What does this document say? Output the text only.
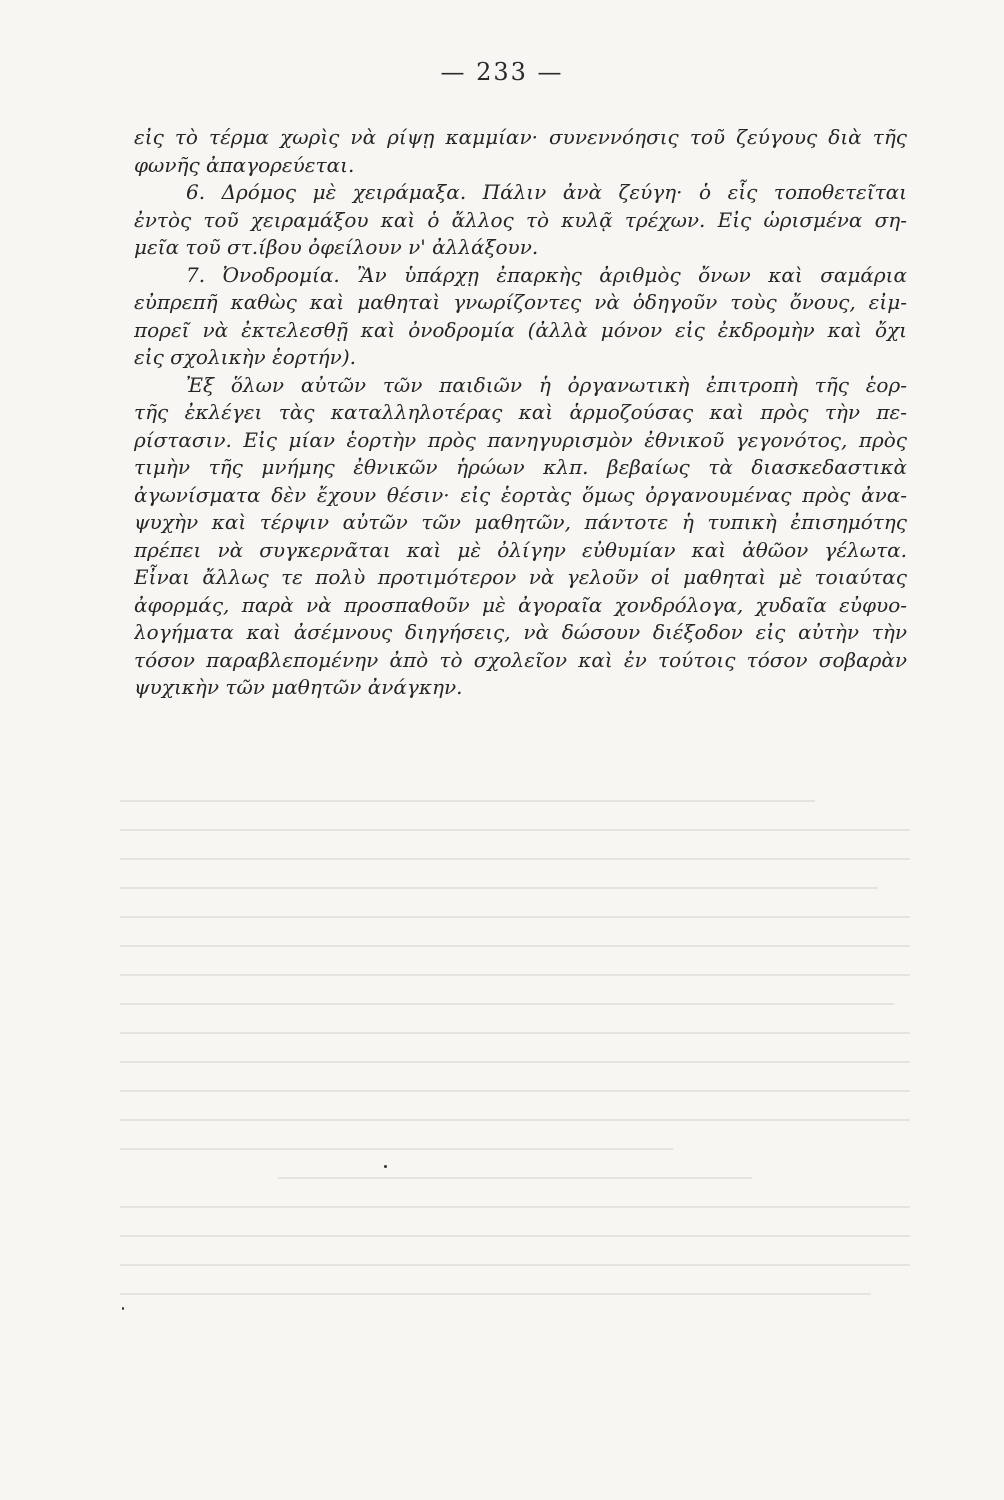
— 233 —
εἰς τὸ τέρμα χωρὶς νὰ ρίψῃ καμμίαν· συνεννόησις τοῦ ζεύγους διὰ τῆς
φωνῆς ἀπαγορεύεται.
6. Δρόμος μὲ χειράμαξα. Πάλιν ἀνὰ ζεύγη· ὁ εἷς τοποθετεῖται
ἐντὸς τοῦ χειραμάξου καὶ ὁ ἄλλος τὸ κυλᾷ τρέχων. Εἰς ὡρισμένα ση-
μεῖα τοῦ στ.ίβου ὀφείλουν ν' ἀλλάξουν.
7. Ὀνοδρομία. Ἂν ὑπάρχῃ ἐπαρκὴς ἀριθμὸς ὄνων καὶ σαμάρια
εὐπρεπῆ καθὼς καὶ μαθηταὶ γνωρίζοντες νὰ ὁδηγοῦν τοὺς ὄνους, εἰμ-
πορεῖ νὰ ἐκτελεσθῇ καὶ ὀνοδρομία (ἀλλὰ μόνον εἰς ἐκδρομὴν καὶ ὄχι
εἰς σχολικὴν ἑορτήν).
Ἐξ ὅλων αὐτῶν τῶν παιδιῶν ἡ ὀργανωτικὴ ἐπιτροπὴ τῆς ἑορ-
τῆς ἐκλέγει τὰς καταλληλοτέρας καὶ ἁρμοζούσας καὶ πρὸς τὴν πε-
ρίστασιν. Εἰς μίαν ἑορτὴν πρὸς πανηγυρισμὸν ἐθνικοῦ γεγονότος, πρὸς
τιμὴν τῆς μνήμης ἐθνικῶν ἡρώων κλπ. βεβαίως τὰ διασκεδαστικὰ
ἀγωνίσματα δὲν ἔχουν θέσιν· εἰς ἑορτὰς ὅμως ὀργανουμένας πρὸς ἀνα-
ψυχὴν καὶ τέρψιν αὐτῶν τῶν μαθητῶν, πάντοτε ἡ τυπικὴ ἐπισημότης
πρέπει νὰ συγκερνᾶται καὶ μὲ ὀλίγην εὐθυμίαν καὶ ἀθῶον γέλωτα.
Εἶναι ἄλλως τε πολὺ προτιμότερον νὰ γελοῦν οἱ μαθηταὶ μὲ τοιαύτας
ἀφορμάς, παρὰ νὰ προσπαθοῦν μὲ ἀγοραῖα χονδρόλογα, χυδαῖα εὐφυο-
λογήματα καὶ ἀσέμνους διηγήσεις, νὰ δώσουν διέξοδον εἰς αὐτὴν τὴν
τόσον παραβλεπομένην ἀπὸ τὸ σχολεῖον καὶ ἐν τούτοις τόσον σοβαρὰν
ψυχικὴν τῶν μαθητῶν ἀνάγκην.
